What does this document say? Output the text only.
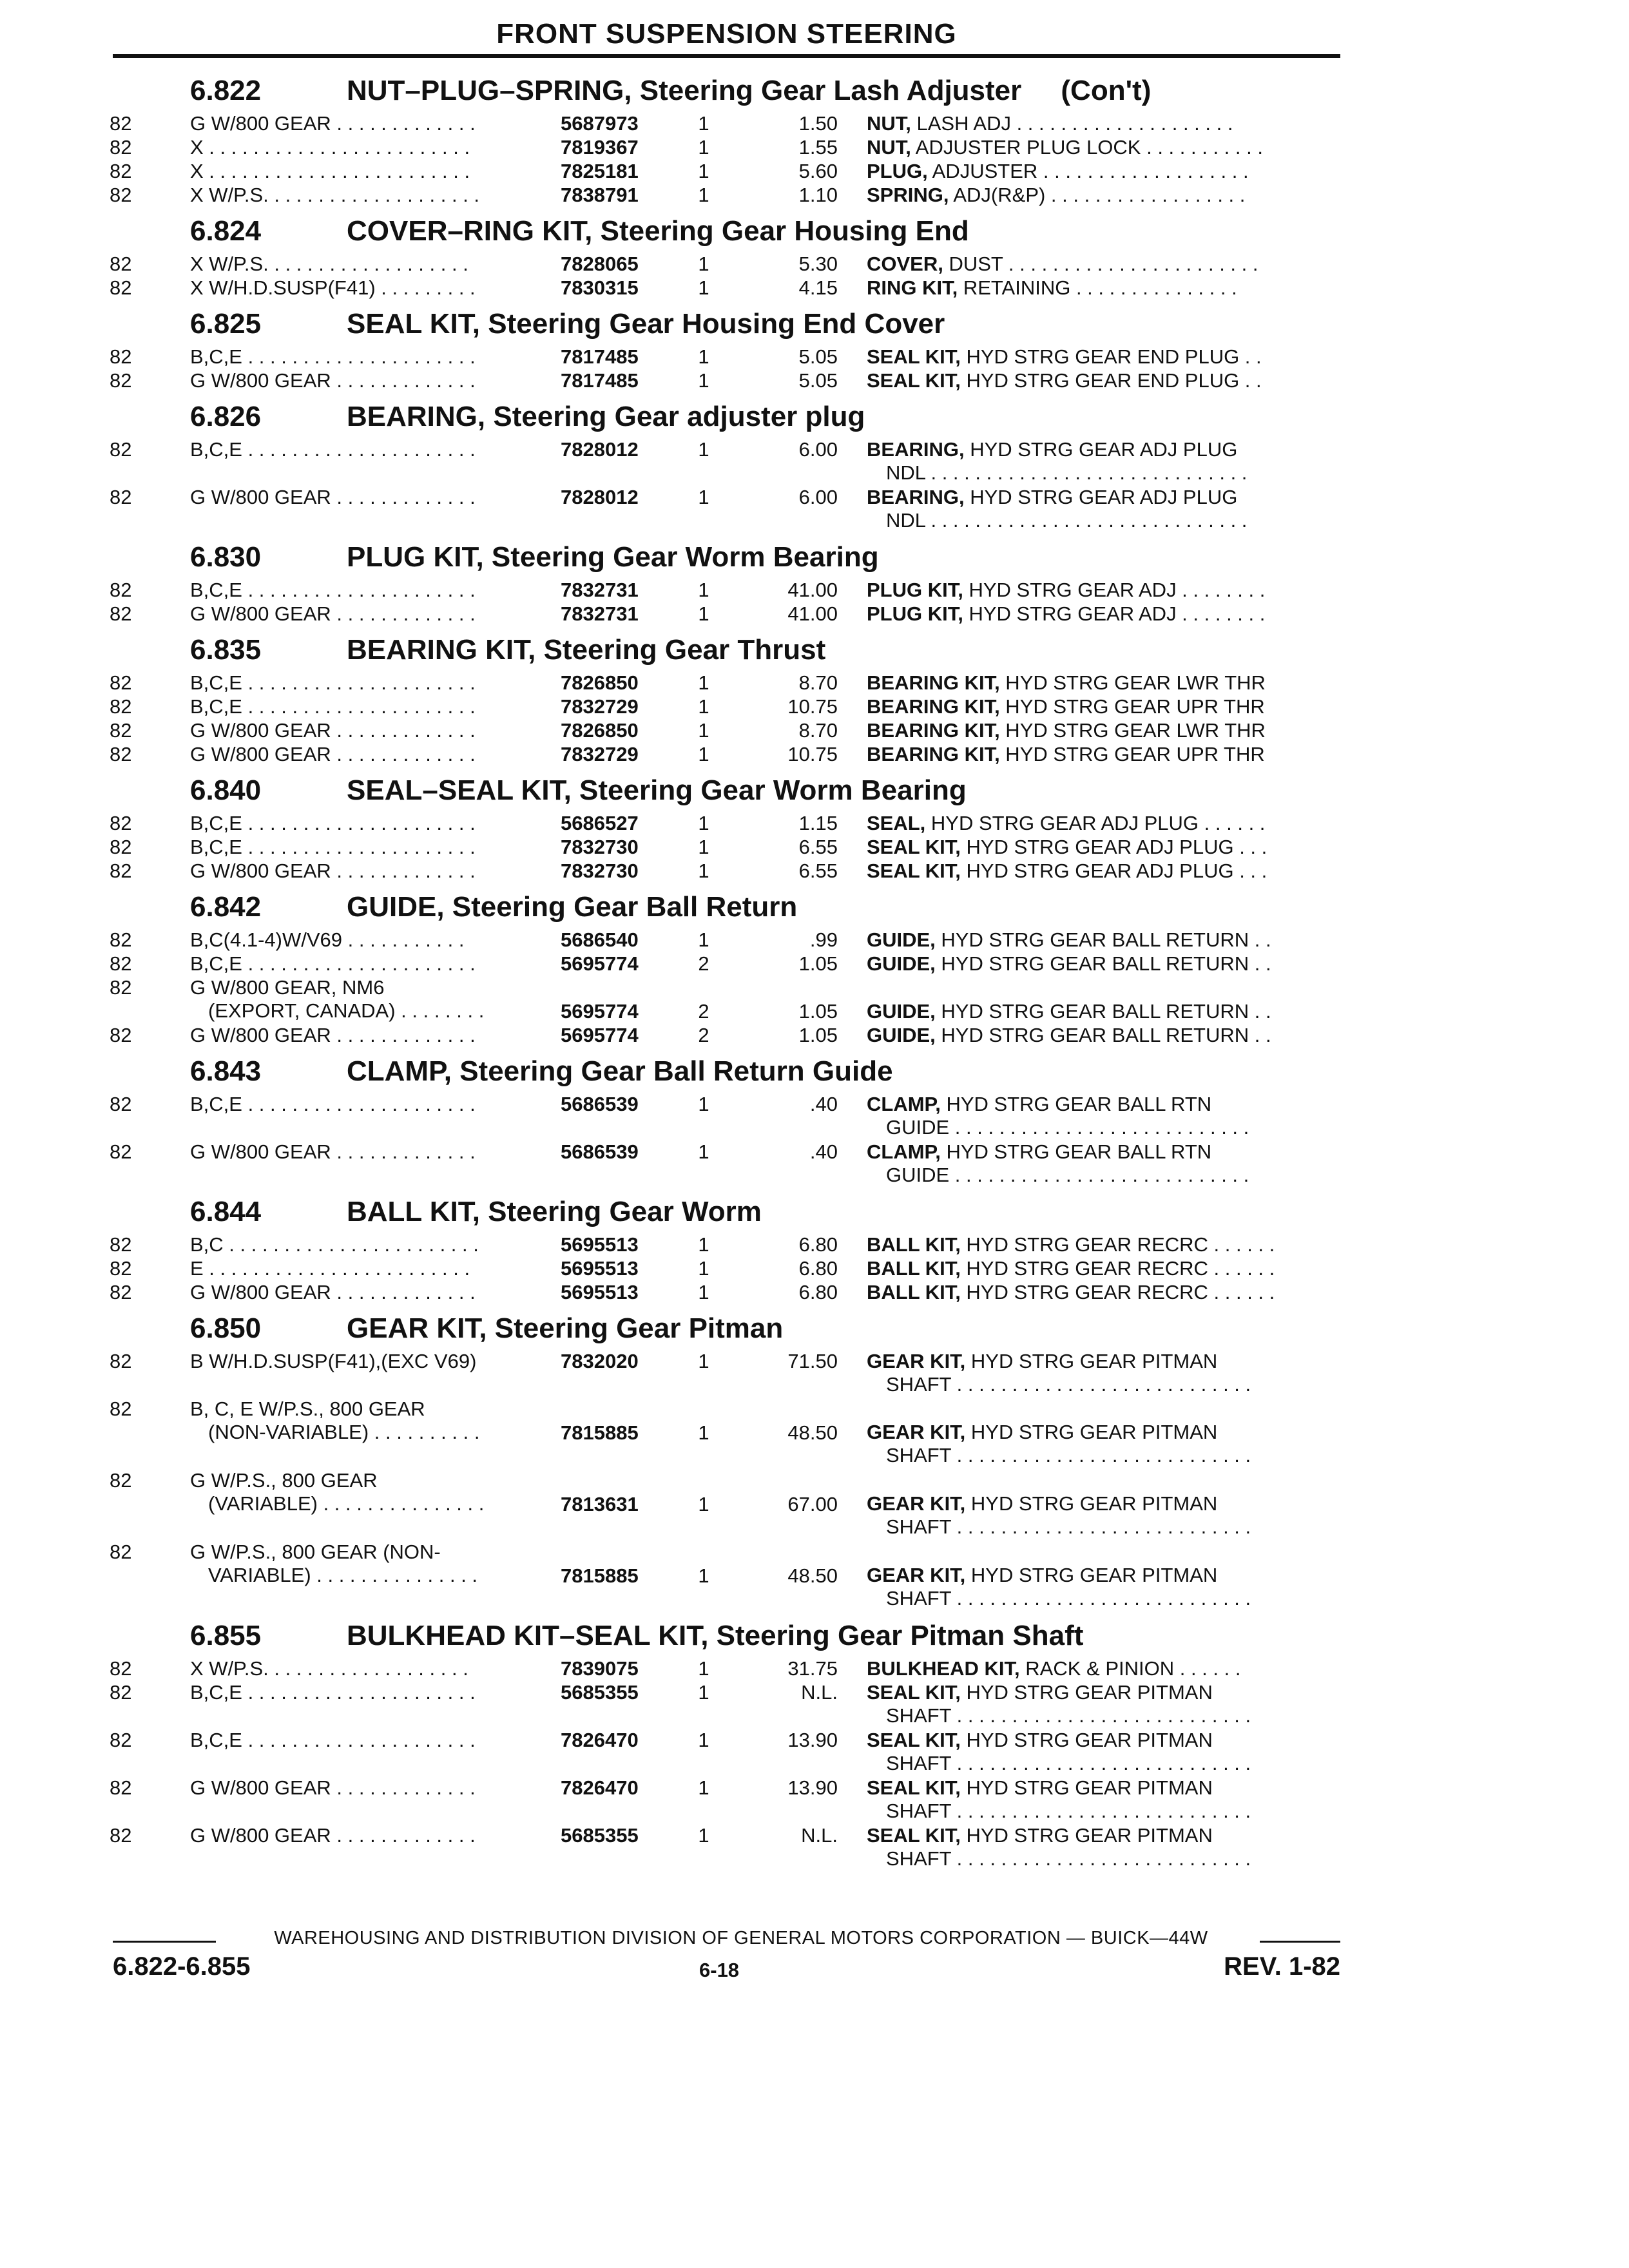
FRONT SUSPENSION STEERING
6.822	NUT–PLUG–SPRING, Steering Gear Lash Adjuster     (Con't)
82	G W/800 GEAR . . . . . . . . . . . . .	5687973	1	1.50 NUT, LASH ADJ . . . . . . . . . . . . . . . . . . . .
82	X . . . . . . . . . . . . . . . . . . . . . . . .	7819367	1	1.55 NUT, ADJUSTER PLUG LOCK . . . . . . . . . . .
82	X . . . . . . . . . . . . . . . . . . . . . . . .	7825181	1	5.60 PLUG, ADJUSTER . . . . . . . . . . . . . . . . . . .
82	X W/P.S. . . . . . . . . . . . . . . . . . . .	7838791	1	1.10 SPRING, ADJ(R&P) . . . . . . . . . . . . . . . . . .
6.824	COVER–RING KIT, Steering Gear Housing End
82	X W/P.S. . . . . . . . . . . . . . . . . . .	7828065	1	5.30 COVER, DUST . . . . . . . . . . . . . . . . . . . . . . .
82	X W/H.D.SUSP(F41) . . . . . . . . .	7830315	1	4.15 RING KIT, RETAINING . . . . . . . . . . . . . . .
6.825	SEAL KIT, Steering Gear Housing End Cover
82	B,C,E . . . . . . . . . . . . . . . . . . . . .	7817485	1	5.05 SEAL KIT, HYD STRG GEAR END PLUG . .
82	G W/800 GEAR . . . . . . . . . . . . .	7817485	1	5.05 SEAL KIT, HYD STRG GEAR END PLUG . .
6.826	BEARING, Steering Gear adjuster plug
82	B,C,E . . . . . . . . . . . . . . . . . . . . .	7828012	1	6.00 BEARING, HYD STRG GEAR ADJ PLUG
NDL . . . . . . . . . . . . . . . . . . . . . . . . . . . . .
82	G W/800 GEAR . . . . . . . . . . . . .	7828012	1	6.00 BEARING, HYD STRG GEAR ADJ PLUG
NDL . . . . . . . . . . . . . . . . . . . . . . . . . . . . .
6.830	PLUG KIT, Steering Gear Worm Bearing
82	B,C,E . . . . . . . . . . . . . . . . . . . . .	7832731	1	41.00 PLUG KIT, HYD STRG GEAR ADJ . . . . . . . .
82	G W/800 GEAR . . . . . . . . . . . . .	7832731	1	41.00 PLUG KIT, HYD STRG GEAR ADJ . . . . . . . .
6.835	BEARING KIT, Steering Gear Thrust
82	B,C,E . . . . . . . . . . . . . . . . . . . . .	7826850	1	8.70 BEARING KIT, HYD STRG GEAR LWR THR
82	B,C,E . . . . . . . . . . . . . . . . . . . . .	7832729	1	10.75 BEARING KIT, HYD STRG GEAR UPR THR
82	G W/800 GEAR . . . . . . . . . . . . .	7826850	1	8.70 BEARING KIT, HYD STRG GEAR LWR THR
82	G W/800 GEAR . . . . . . . . . . . . .	7832729	1	10.75 BEARING KIT, HYD STRG GEAR UPR THR
6.840	SEAL–SEAL KIT, Steering Gear Worm Bearing
82	B,C,E . . . . . . . . . . . . . . . . . . . . .	5686527	1	1.15 SEAL, HYD STRG GEAR ADJ PLUG . . . . . .
82	B,C,E . . . . . . . . . . . . . . . . . . . . .	7832730	1	6.55 SEAL KIT, HYD STRG GEAR ADJ PLUG . . .
82	G W/800 GEAR . . . . . . . . . . . . .	7832730	1	6.55 SEAL KIT, HYD STRG GEAR ADJ PLUG . . .
6.842	GUIDE, Steering Gear Ball Return
82	B,C(4.1-4)W/V69 . . . . . . . . . . .	5686540	1	.99 GUIDE, HYD STRG GEAR BALL RETURN . .
82	B,C,E . . . . . . . . . . . . . . . . . . . . .	5695774	2	1.05 GUIDE, HYD STRG GEAR BALL RETURN . .
82	G W/800 GEAR, NM6
(EXPORT, CANADA) . . . . . . . .	5695774	2	1.05 GUIDE, HYD STRG GEAR BALL RETURN . .
82	G W/800 GEAR . . . . . . . . . . . . .	5695774	2	1.05 GUIDE, HYD STRG GEAR BALL RETURN . .
6.843	CLAMP, Steering Gear Ball Return Guide
82	B,C,E . . . . . . . . . . . . . . . . . . . . .	5686539	1	.40 CLAMP, HYD STRG GEAR BALL RTN
GUIDE . . . . . . . . . . . . . . . . . . . . . . . . . . .
82	G W/800 GEAR . . . . . . . . . . . . .	5686539	1	.40 CLAMP, HYD STRG GEAR BALL RTN
GUIDE . . . . . . . . . . . . . . . . . . . . . . . . . . .
6.844	BALL KIT, Steering Gear Worm
82	B,C . . . . . . . . . . . . . . . . . . . . . . .	5695513	1	6.80 BALL KIT, HYD STRG GEAR RECRC . . . . . .
82	E . . . . . . . . . . . . . . . . . . . . . . . .	5695513	1	6.80 BALL KIT, HYD STRG GEAR RECRC . . . . . .
82	G W/800 GEAR . . . . . . . . . . . . .	5695513	1	6.80 BALL KIT, HYD STRG GEAR RECRC . . . . . .
6.850	GEAR KIT, Steering Gear Pitman
82	B W/H.D.SUSP(F41),(EXC V69)	7832020	1	71.50 GEAR KIT, HYD STRG GEAR PITMAN
SHAFT . . . . . . . . . . . . . . . . . . . . . . . . . . .
82	B, C, E W/P.S., 800 GEAR
(NON-VARIABLE) . . . . . . . . . .	7815885	1	48.50
GEAR KIT, HYD STRG GEAR PITMAN
SHAFT . . . . . . . . . . . . . . . . . . . . . . . . . . .
82	G W/P.S., 800 GEAR
(VARIABLE) . . . . . . . . . . . . . . .	7813631	1	67.00
GEAR KIT, HYD STRG GEAR PITMAN
SHAFT . . . . . . . . . . . . . . . . . . . . . . . . . . .
82	G W/P.S., 800 GEAR (NON-
VARIABLE) . . . . . . . . . . . . . . .	7815885	1	48.50
GEAR KIT, HYD STRG GEAR PITMAN
SHAFT . . . . . . . . . . . . . . . . . . . . . . . . . . .
6.855	BULKHEAD KIT–SEAL KIT, Steering Gear Pitman Shaft
82	X W/P.S. . . . . . . . . . . . . . . . . . .	7839075	1	31.75 BULKHEAD KIT, RACK & PINION . . . . . .
82	B,C,E . . . . . . . . . . . . . . . . . . . . .	5685355	1	N.L. SEAL KIT, HYD STRG GEAR PITMAN
SHAFT . . . . . . . . . . . . . . . . . . . . . . . . . . .
82	B,C,E . . . . . . . . . . . . . . . . . . . . .	7826470	1	13.90 SEAL KIT, HYD STRG GEAR PITMAN
SHAFT . . . . . . . . . . . . . . . . . . . . . . . . . . .
82	G W/800 GEAR . . . . . . . . . . . . .	7826470	1	13.90 SEAL KIT, HYD STRG GEAR PITMAN
SHAFT . . . . . . . . . . . . . . . . . . . . . . . . . . .
82	G W/800 GEAR . . . . . . . . . . . . .	5685355	1	N.L. SEAL KIT, HYD STRG GEAR PITMAN
SHAFT . . . . . . . . . . . . . . . . . . . . . . . . . . .
WAREHOUSING AND DISTRIBUTION DIVISION OF GENERAL MOTORS CORPORATION — BUICK—44W
6.822-6.855	6-18	REV. 1-82
